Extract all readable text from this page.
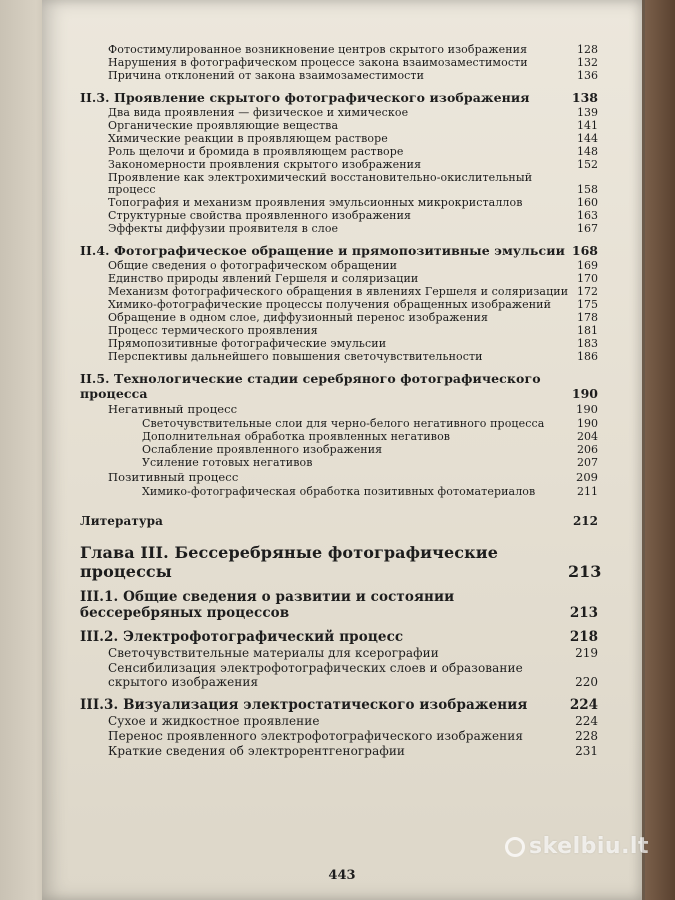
Фотостимулированное возникновение центров скрытого изображения	128
Нарушения в фотографическом процессе закона взаимозаместимости	132
Причина отклонений от закона взаимозаместимости	136
II.3. Проявление скрытого фотографического изображения	138
Два вида проявления — физическое и химическое	139
Органические проявляющие вещества	141
Химические реакции в проявляющем растворе	144
Роль щелочи и бромида в проявляющем растворе	148
Закономерности проявления скрытого изображения	152
Проявление как электрохимический восстановительно-окислительный процесс	158
Топография и механизм проявления эмульсионных микрокристаллов	160
Структурные свойства проявленного изображения	163
Эффекты диффузии проявителя в слое	167
II.4. Фотографическое обращение и прямопозитивные эмульсии 168
Общие сведения о фотографическом обращении	169
Единство природы явлений Гершеля и соляризации	170
Механизм фотографического обращения в явлениях Гершеля и соляризации 172
Химико-фотографические процессы получения обращенных изображений	175
Обращение в одном слое, диффузионный перенос изображения	178
Процесс термического проявления	181
Прямопозитивные фотографические эмульсии	183
Перспективы дальнейшего повышения светочувствительности	186
II.5. Технологические стадии серебряного фотографического процесса	190
Негативный процесс	190
Светочувствительные слои для черно-белого негативного процесса	190
Дополнительная обработка проявленных негативов	204
Ослабление проявленного изображения	206
Усиление готовых негативов	207
Позитивный процесс	209
Химико-фотографическая обработка позитивных фотоматериалов	211
Литература	212
Глава III. Бессеребряные фотографические процессы	213
III.1. Общие сведения о развитии и состоянии бессеребряных процессов	213
III.2. Электрофотографический процесс	218
Светочувствительные материалы для ксерографии	219
Сенсибилизация электрофотографических слоев и образование скрытого изображения	220
III.3. Визуализация электростатического изображения	224
Сухое и жидкостное проявление	224
Перенос проявленного электрофотографического изображения	228
Краткие сведения об электрорентгенографии	231
443
skelbiu.lt
